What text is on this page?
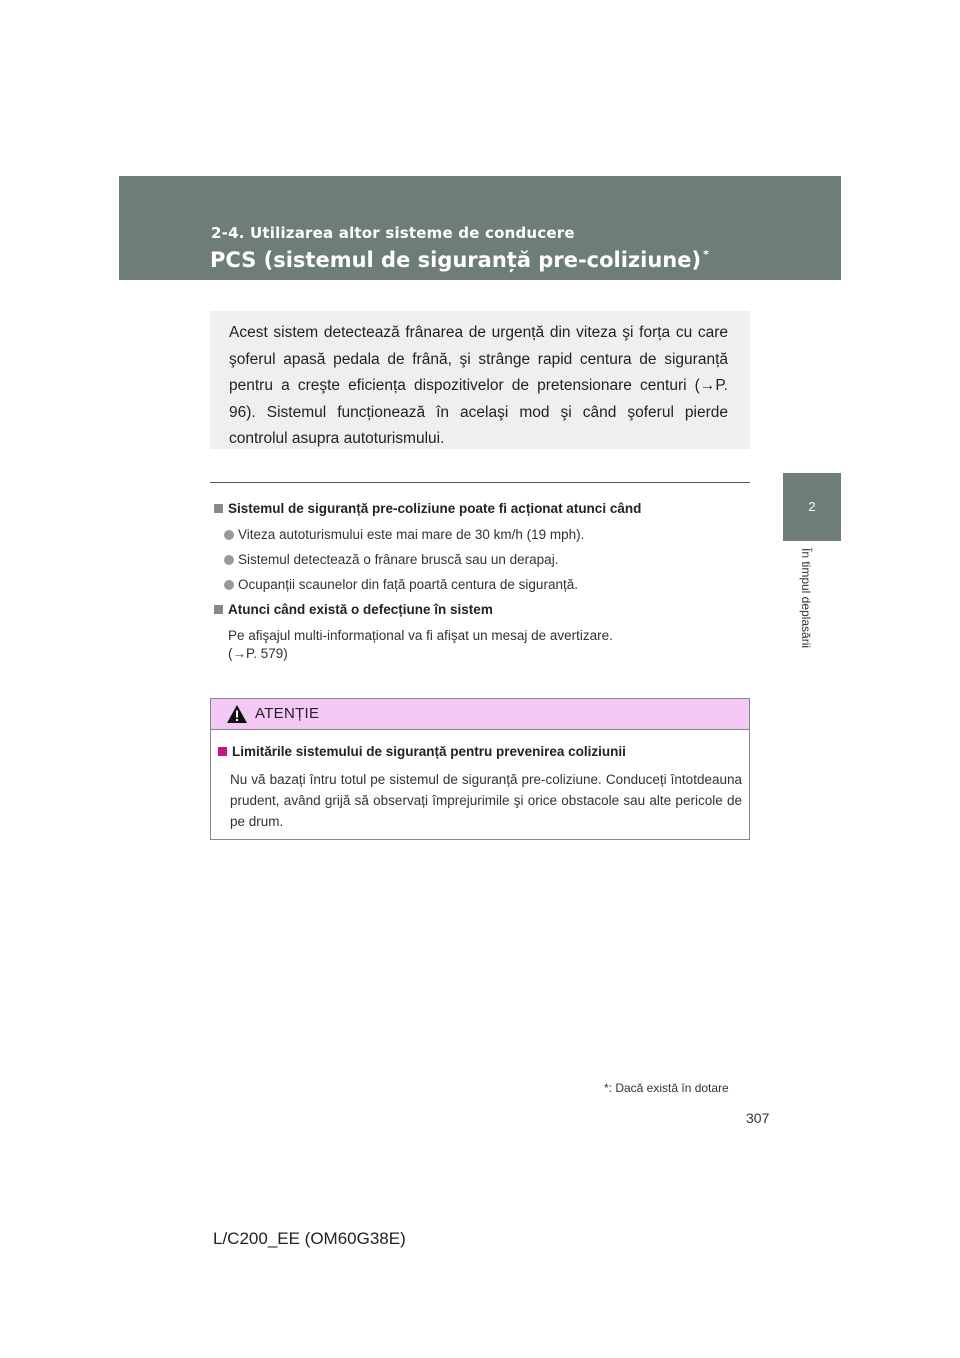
2-4. Utilizarea altor sisteme de conducere
PCS (sistemul de siguranță pre-coliziune) *
2
În timpul deplasării

Acest sistem detectează frânarea de urgență din viteza şi forța cu care şoferul apasă pedala de frână, şi strânge rapid centura de siguranță pentru a creşte eficiența dispozitivelor de pretensionare centuri (→P. 96). Sistemul funcționează în acelaşi mod şi când şoferul pierde controlul asupra autoturismului.

Sistemul de siguranță pre-coliziune poate fi acționat atunci când

Viteza autoturismului este mai mare de 30 km/h (19 mph).

Sistemul detectează o frânare bruscă sau un derapaj.

Ocupanții scaunelor din față poartă centura de siguranță.

Atunci când există o defecțiune în sistem

Pe afişajul multi-informațional va fi afişat un mesaj de avertizare.

(→P. 579)

ATENȚIE

Limitările sistemului de siguranță pentru prevenirea coliziunii

Nu vă bazați întru totul pe sistemul de siguranță pre-coliziune. Conduceți întotdeauna prudent, având grijă să observați împrejurimile şi orice obstacole sau alte pericole de pe drum.

*: Dacă există în dotare
307
L/C200_EE (OM60G38E)
